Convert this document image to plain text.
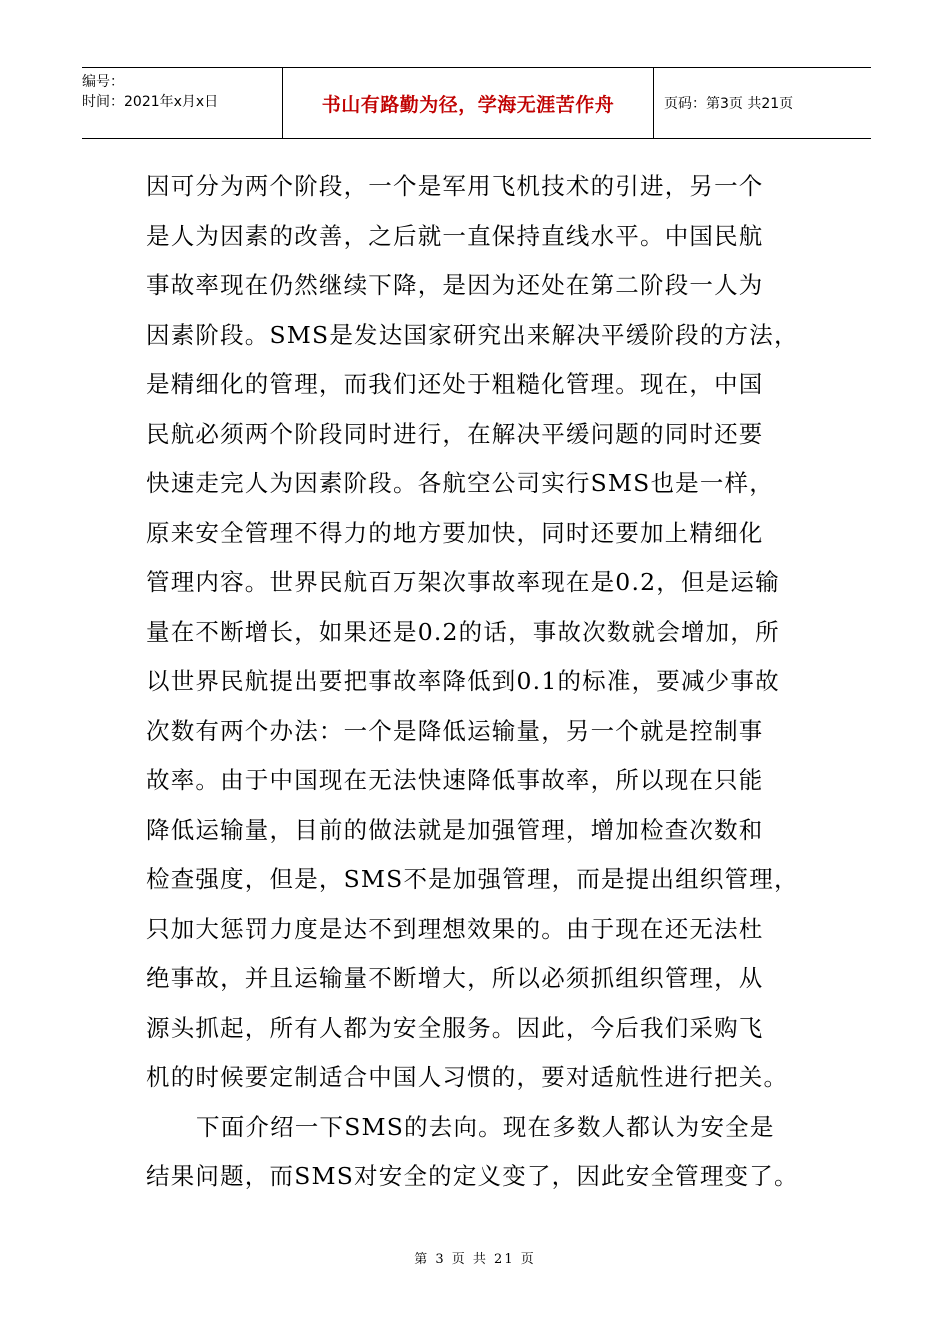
编号：
时间：2021年x月x日	书山有路勤为径，学海无涯苦作舟	页码：第3页 共21页
因可分为两个阶段，一个是军用飞机技术的引进，另一个
是人为因素的改善，之后就一直保持直线水平。中国民航
事故率现在仍然继续下降，是因为还处在第二阶段一人为
因素阶段。SMS是发达国家研究出来解决平缓阶段的方法，
是精细化的管理，而我们还处于粗糙化管理。现在，中国
民航必须两个阶段同时进行，在解决平缓问题的同时还要
快速走完人为因素阶段。各航空公司实行SMS也是一样，
原来安全管理不得力的地方要加快，同时还要加上精细化
管理内容。世界民航百万架次事故率现在是0.2，但是运输
量在不断增长，如果还是0.2的话，事故次数就会增加，所
以世界民航提出要把事故率降低到0.1的标准，要减少事故
次数有两个办法：一个是降低运输量，另一个就是控制事
故率。由于中国现在无法快速降低事故率，所以现在只能
降低运输量，目前的做法就是加强管理，增加检查次数和
检查强度，但是，SMS不是加强管理，而是提出组织管理，
只加大惩罚力度是达不到理想效果的。由于现在还无法杜
绝事故，并且运输量不断增大，所以必须抓组织管理，从
源头抓起，所有人都为安全服务。因此，今后我们采购飞
机的时候要定制适合中国人习惯的，要对适航性进行把关。
下面介绍一下SMS的去向。现在多数人都认为安全是
结果问题，而SMS对安全的定义变了，因此安全管理变了。
第 3 页 共 21 页
